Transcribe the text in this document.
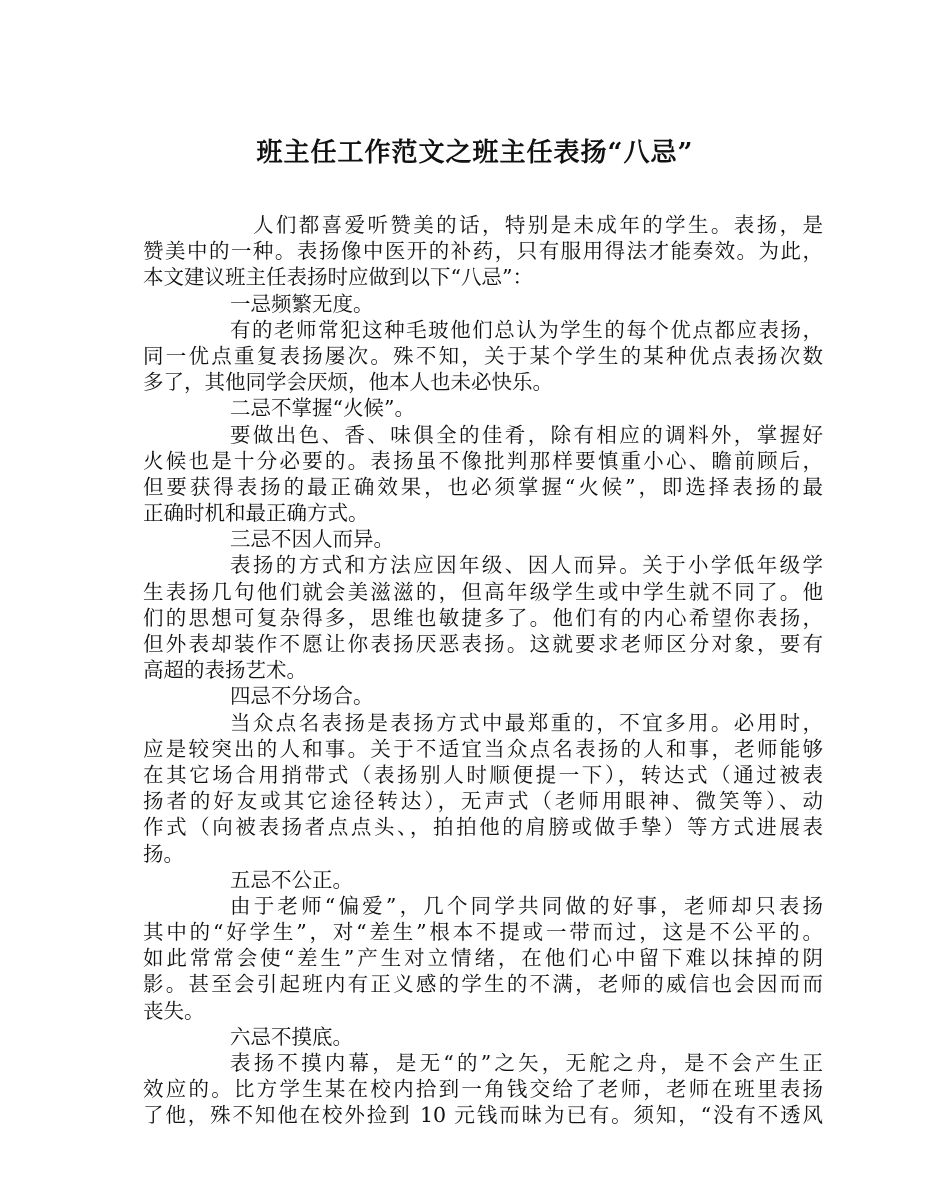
班主任工作范文之班主任表扬“八忌”
人们都喜爱听赞美的话，特别是未成年的学生。表扬，是
赞美中的一种。表扬像中医开的补药，只有服用得法才能奏效。为此，
本文建议班主任表扬时应做到以下“八忌”：
一忌频繁无度。
有的老师常犯这种毛玻他们总认为学生的每个优点都应表扬，
同一优点重复表扬屡次。殊不知，关于某个学生的某种优点表扬次数
多了，其他同学会厌烦，他本人也未必快乐。
二忌不掌握“火候”。
要做出色、香、味俱全的佳肴，除有相应的调料外，掌握好
火候也是十分必要的。表扬虽不像批判那样要慎重小心、瞻前顾后，
但要获得表扬的最正确效果，也必须掌握“火候”，即选择表扬的最
正确时机和最正确方式。
三忌不因人而异。
表扬的方式和方法应因年级、因人而异。关于小学低年级学
生表扬几句他们就会美滋滋的，但高年级学生或中学生就不同了。他
们的思想可复杂得多，思维也敏捷多了。他们有的内心希望你表扬，
但外表却装作不愿让你表扬厌恶表扬。这就要求老师区分对象，要有
高超的表扬艺术。
四忌不分场合。
当众点名表扬是表扬方式中最郑重的，不宜多用。必用时，
应是较突出的人和事。关于不适宜当众点名表扬的人和事，老师能够
在其它场合用捎带式（表扬别人时顺便提一下），转达式（通过被表
扬者的好友或其它途径转达），无声式（老师用眼神、微笑等）、动
作式（向被表扬者点点头、，拍拍他的肩膀或做手挚）等方式进展表
扬。
五忌不公正。
由于老师“偏爱”，几个同学共同做的好事，老师却只表扬
其中的“好学生”，对“差生”根本不提或一带而过，这是不公平的。
如此常常会使“差生”产生对立情绪，在他们心中留下难以抹掉的阴
影。甚至会引起班内有正义感的学生的不满，老师的威信也会因而而
丧失。
六忌不摸底。
表扬不摸内幕，是无“的”之矢，无舵之舟，是不会产生正
效应的。比方学生某在校内拾到一角钱交给了老师，老师在班里表扬
了他，殊不知他在校外捡到 10 元钱而昧为已有。须知，“没有不透风
